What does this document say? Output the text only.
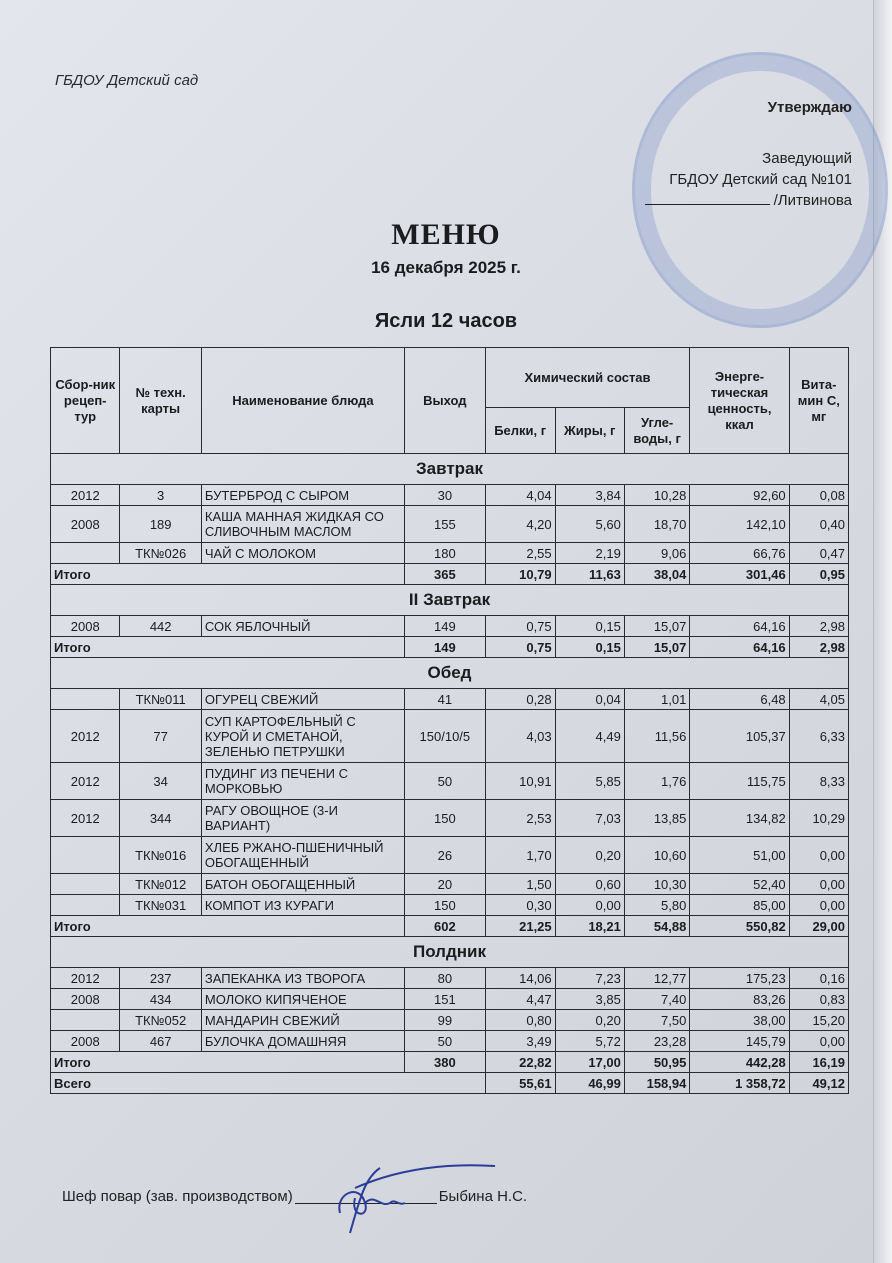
ГБДОУ Детский сад
Утверждаю
Заведующий
ГБДОУ Детский сад №101
/Литвинова
МЕНЮ
16 декабря 2025 г.
Ясли 12 часов
Сбор-ник рецеп-тур	№ техн. карты	Наименование блюда	Выход	Химический состав			Энерге-тическая ценность, ккал	Вита-мин С, мг
				Белки, г	Жиры, г	Угле-воды, г		
Завтрак								
2012	3	БУТЕРБРОД С СЫРОМ	30	4,04	3,84	10,28	92,60	0,08
2008	189	КАША МАННАЯ ЖИДКАЯ СО СЛИВОЧНЫМ МАСЛОМ	155	4,20	5,60	18,70	142,10	0,40
	ТК№026	ЧАЙ С МОЛОКОМ	180	2,55	2,19	9,06	66,76	0,47
Итого			365	10,79	11,63	38,04	301,46	0,95
II Завтрак								
2008	442	СОК ЯБЛОЧНЫЙ	149	0,75	0,15	15,07	64,16	2,98
Итого			149	0,75	0,15	15,07	64,16	2,98
Обед								
	ТК№011	ОГУРЕЦ СВЕЖИЙ	41	0,28	0,04	1,01	6,48	4,05
2012	77	СУП КАРТОФЕЛЬНЫЙ С КУРОЙ И СМЕТАНОЙ, ЗЕЛЕНЬЮ ПЕТРУШКИ	150/10/5	4,03	4,49	11,56	105,37	6,33
2012	34	ПУДИНГ ИЗ ПЕЧЕНИ С МОРКОВЬЮ	50	10,91	5,85	1,76	115,75	8,33
2012	344	РАГУ ОВОЩНОЕ (3-И ВАРИАНТ)	150	2,53	7,03	13,85	134,82	10,29
	ТК№016	ХЛЕБ РЖАНО-ПШЕНИЧНЫЙ ОБОГАЩЕННЫЙ	26	1,70	0,20	10,60	51,00	0,00
	ТК№012	БАТОН ОБОГАЩЕННЫЙ	20	1,50	0,60	10,30	52,40	0,00
	ТК№031	КОМПОТ ИЗ КУРАГИ	150	0,30	0,00	5,80	85,00	0,00
Итого			602	21,25	18,21	54,88	550,82	29,00
Полдник								
2012	237	ЗАПЕКАНКА ИЗ ТВОРОГА	80	14,06	7,23	12,77	175,23	0,16
2008	434	МОЛОКО КИПЯЧЕНОЕ	151	4,47	3,85	7,40	83,26	0,83
	ТК№052	МАНДАРИН СВЕЖИЙ	99	0,80	0,20	7,50	38,00	15,20
2008	467	БУЛОЧКА ДОМАШНЯЯ	50	3,49	5,72	23,28	145,79	0,00
Итого			380	22,82	17,00	50,95	442,28	16,19
Всего				55,61	46,99	158,94	1 358,72	49,12
Шеф повар (зав. производством)	Быбина Н.С.
